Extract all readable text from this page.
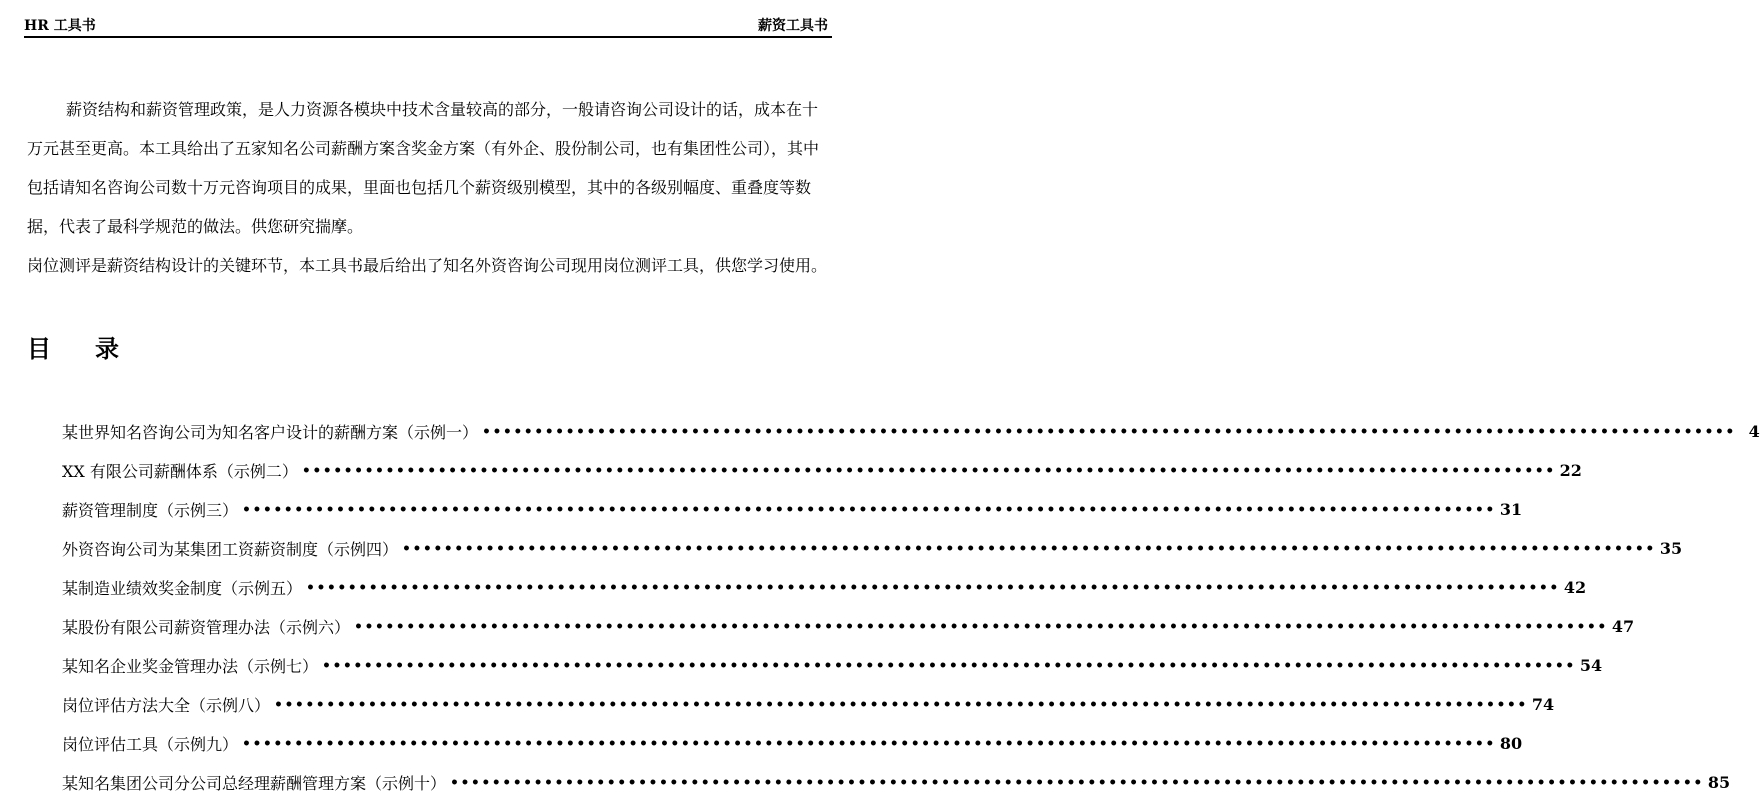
HR 工具书	薪资工具书

薪资结构和薪资管理政策，是人力资源各模块中技术含量较高的部分，一般请咨询公司设计的话，成本在十万元甚至更高。本工具给出了五家知名公司薪酬方案含奖金方案（有外企、股份制公司，也有集团性公司），其中包括请知名咨询公司数十万元咨询项目的成果，里面也包括几个薪资级别模型，其中的各级别幅度、重叠度等数据，代表了最科学规范的做法。供您研究揣摩。

岗位测评是薪资结构设计的关键环节，本工具书最后给出了知名外资咨询公司现用岗位测评工具，供您学习使用。

目 录
某世界知名咨询公司为知名客户设计的薪酬方案（示例一） •••••••••••••••••••••••••••••••••••••••••••••••••••••••••••••••••••••••••••••••••••••••••••••••••••••••••••••••••••••••• 4
XX 有限公司薪酬体系（示例二） •••••••••••••••••••••••••••••••••••••••••••••••••••••••••••••••••••••••••••••••••••••••••••••••••••••••••••••••••••••••• 22
薪资管理制度（示例三） •••••••••••••••••••••••••••••••••••••••••••••••••••••••••••••••••••••••••••••••••••••••••••••••••••••••••••••••••••••••• 31
外资咨询公司为某集团工资薪资制度（示例四） •••••••••••••••••••••••••••••••••••••••••••••••••••••••••••••••••••••••••••••••••••••••••••••••••••••••••••••••••••••••• 35
某制造业绩效奖金制度（示例五） •••••••••••••••••••••••••••••••••••••••••••••••••••••••••••••••••••••••••••••••••••••••••••••••••••••••••••••••••••••••• 42
某股份有限公司薪资管理办法（示例六） •••••••••••••••••••••••••••••••••••••••••••••••••••••••••••••••••••••••••••••••••••••••••••••••••••••••••••••••••••••••• 47
某知名企业奖金管理办法（示例七） •••••••••••••••••••••••••••••••••••••••••••••••••••••••••••••••••••••••••••••••••••••••••••••••••••••••••••••••••••••••• 54
岗位评估方法大全（示例八） •••••••••••••••••••••••••••••••••••••••••••••••••••••••••••••••••••••••••••••••••••••••••••••••••••••••••••••••••••••••• 74
岗位评估工具（示例九） •••••••••••••••••••••••••••••••••••••••••••••••••••••••••••••••••••••••••••••••••••••••••••••••••••••••••••••••••••••••• 80
某知名集团公司分公司总经理薪酬管理方案（示例十） •••••••••••••••••••••••••••••••••••••••••••••••••••••••••••••••••••••••••••••••••••••••••••••••••••••••••••••••••••••••• 85
